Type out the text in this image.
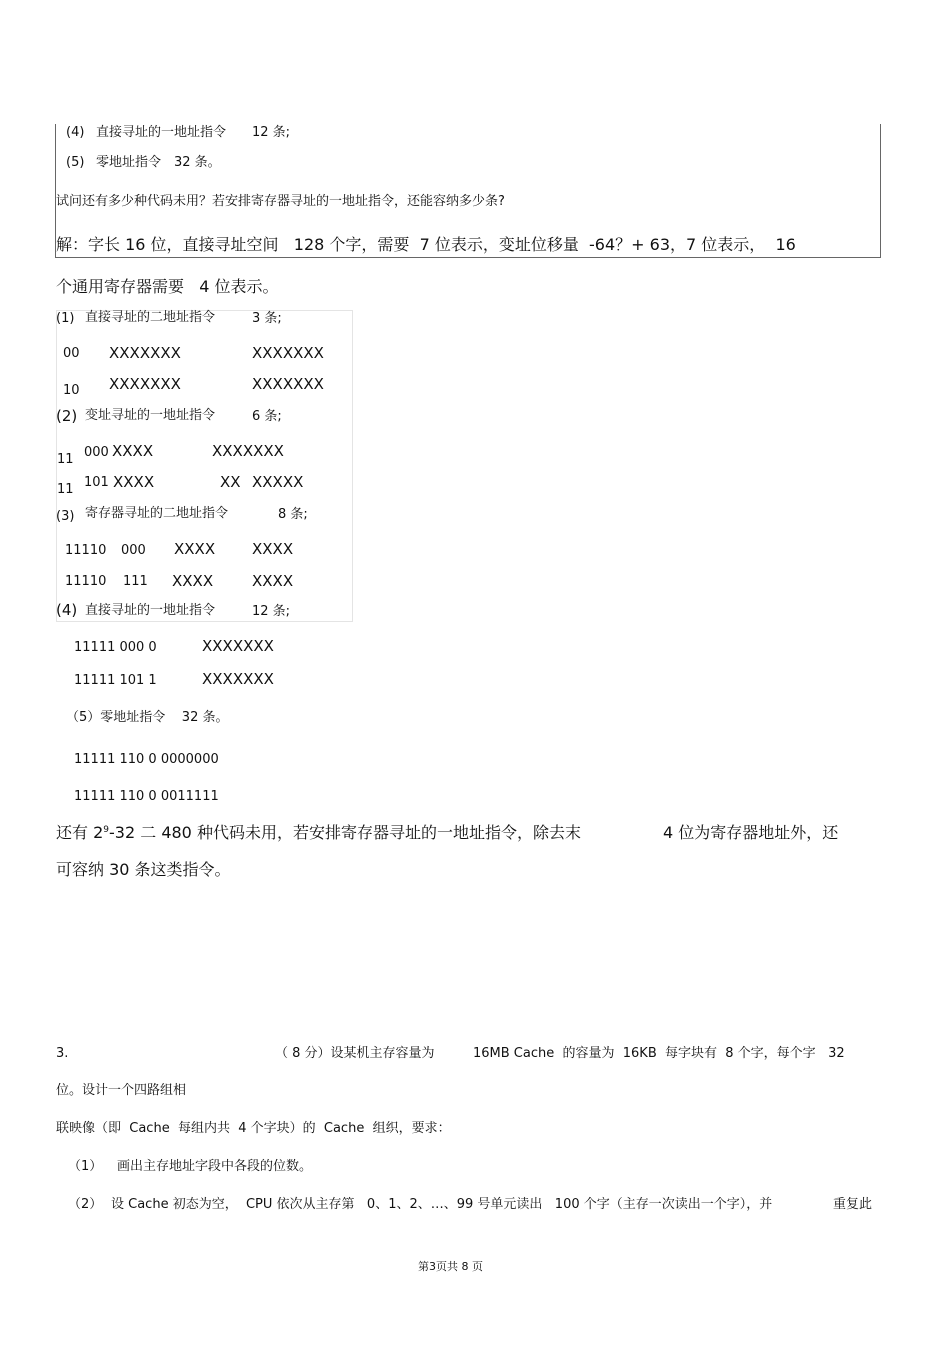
(4) 直接寻址的一地址指令 12 条;
(5) 零地址指令 32 条。
试问还有多少种代码未用？若安排寄存器寻址的一地址指令，还能容纳多少条?
解：字长 16 位，直接寻址空间   128 个字，需要  7 位表示，变址位移量  -64？+ 63，7 位表示，  16
个通用寄存器需要   4 位表示。
(1) 直接寻址的二地址指令	3 条;
00 XXXXXXX	XXXXXXX
10 XXXXXXX	XXXXXXX
(2) 变址寻址的一地址指令	6 条;
11 000 XXXX	XXXXXXX
11 101 XXXX	XX XXXXX
(3) 寄存器寻址的二地址指令	8 条;
11110 000 XXXX XXXX
11110 111 XXXX	XXXX
(4) 直接寻址的一地址指令	12 条;
11111 000 0	XXXXXXX
11111 101 1	XXXXXXX
（5）零地址指令    32 条。
11111 110 0 0000000
11111 110 0 0011111
还有 $2^9-32$ 二 480 种代码未用，若安排寄存器寻址的一地址指令，除去末	4 位为寄存器地址外，还
可容纳 30 条这类指令。
3.	（ 8 分）设某机主存容量为	16MB Cache  的容量为  16KB  每字块有  8 个字，每个字   32
位。设计一个四路组相
联映像（即  Cache  每组内共  4 个字块）的  Cache  组织，要求：
（1） 画出主存地址字段中各段的位数。
（2） 设 Cache 初态为空，  CPU 依次从主存第   0、1、2、…、99 号单元读出   100 个字（主存一次读出一个字），并	重复此
第3页共 8 页
